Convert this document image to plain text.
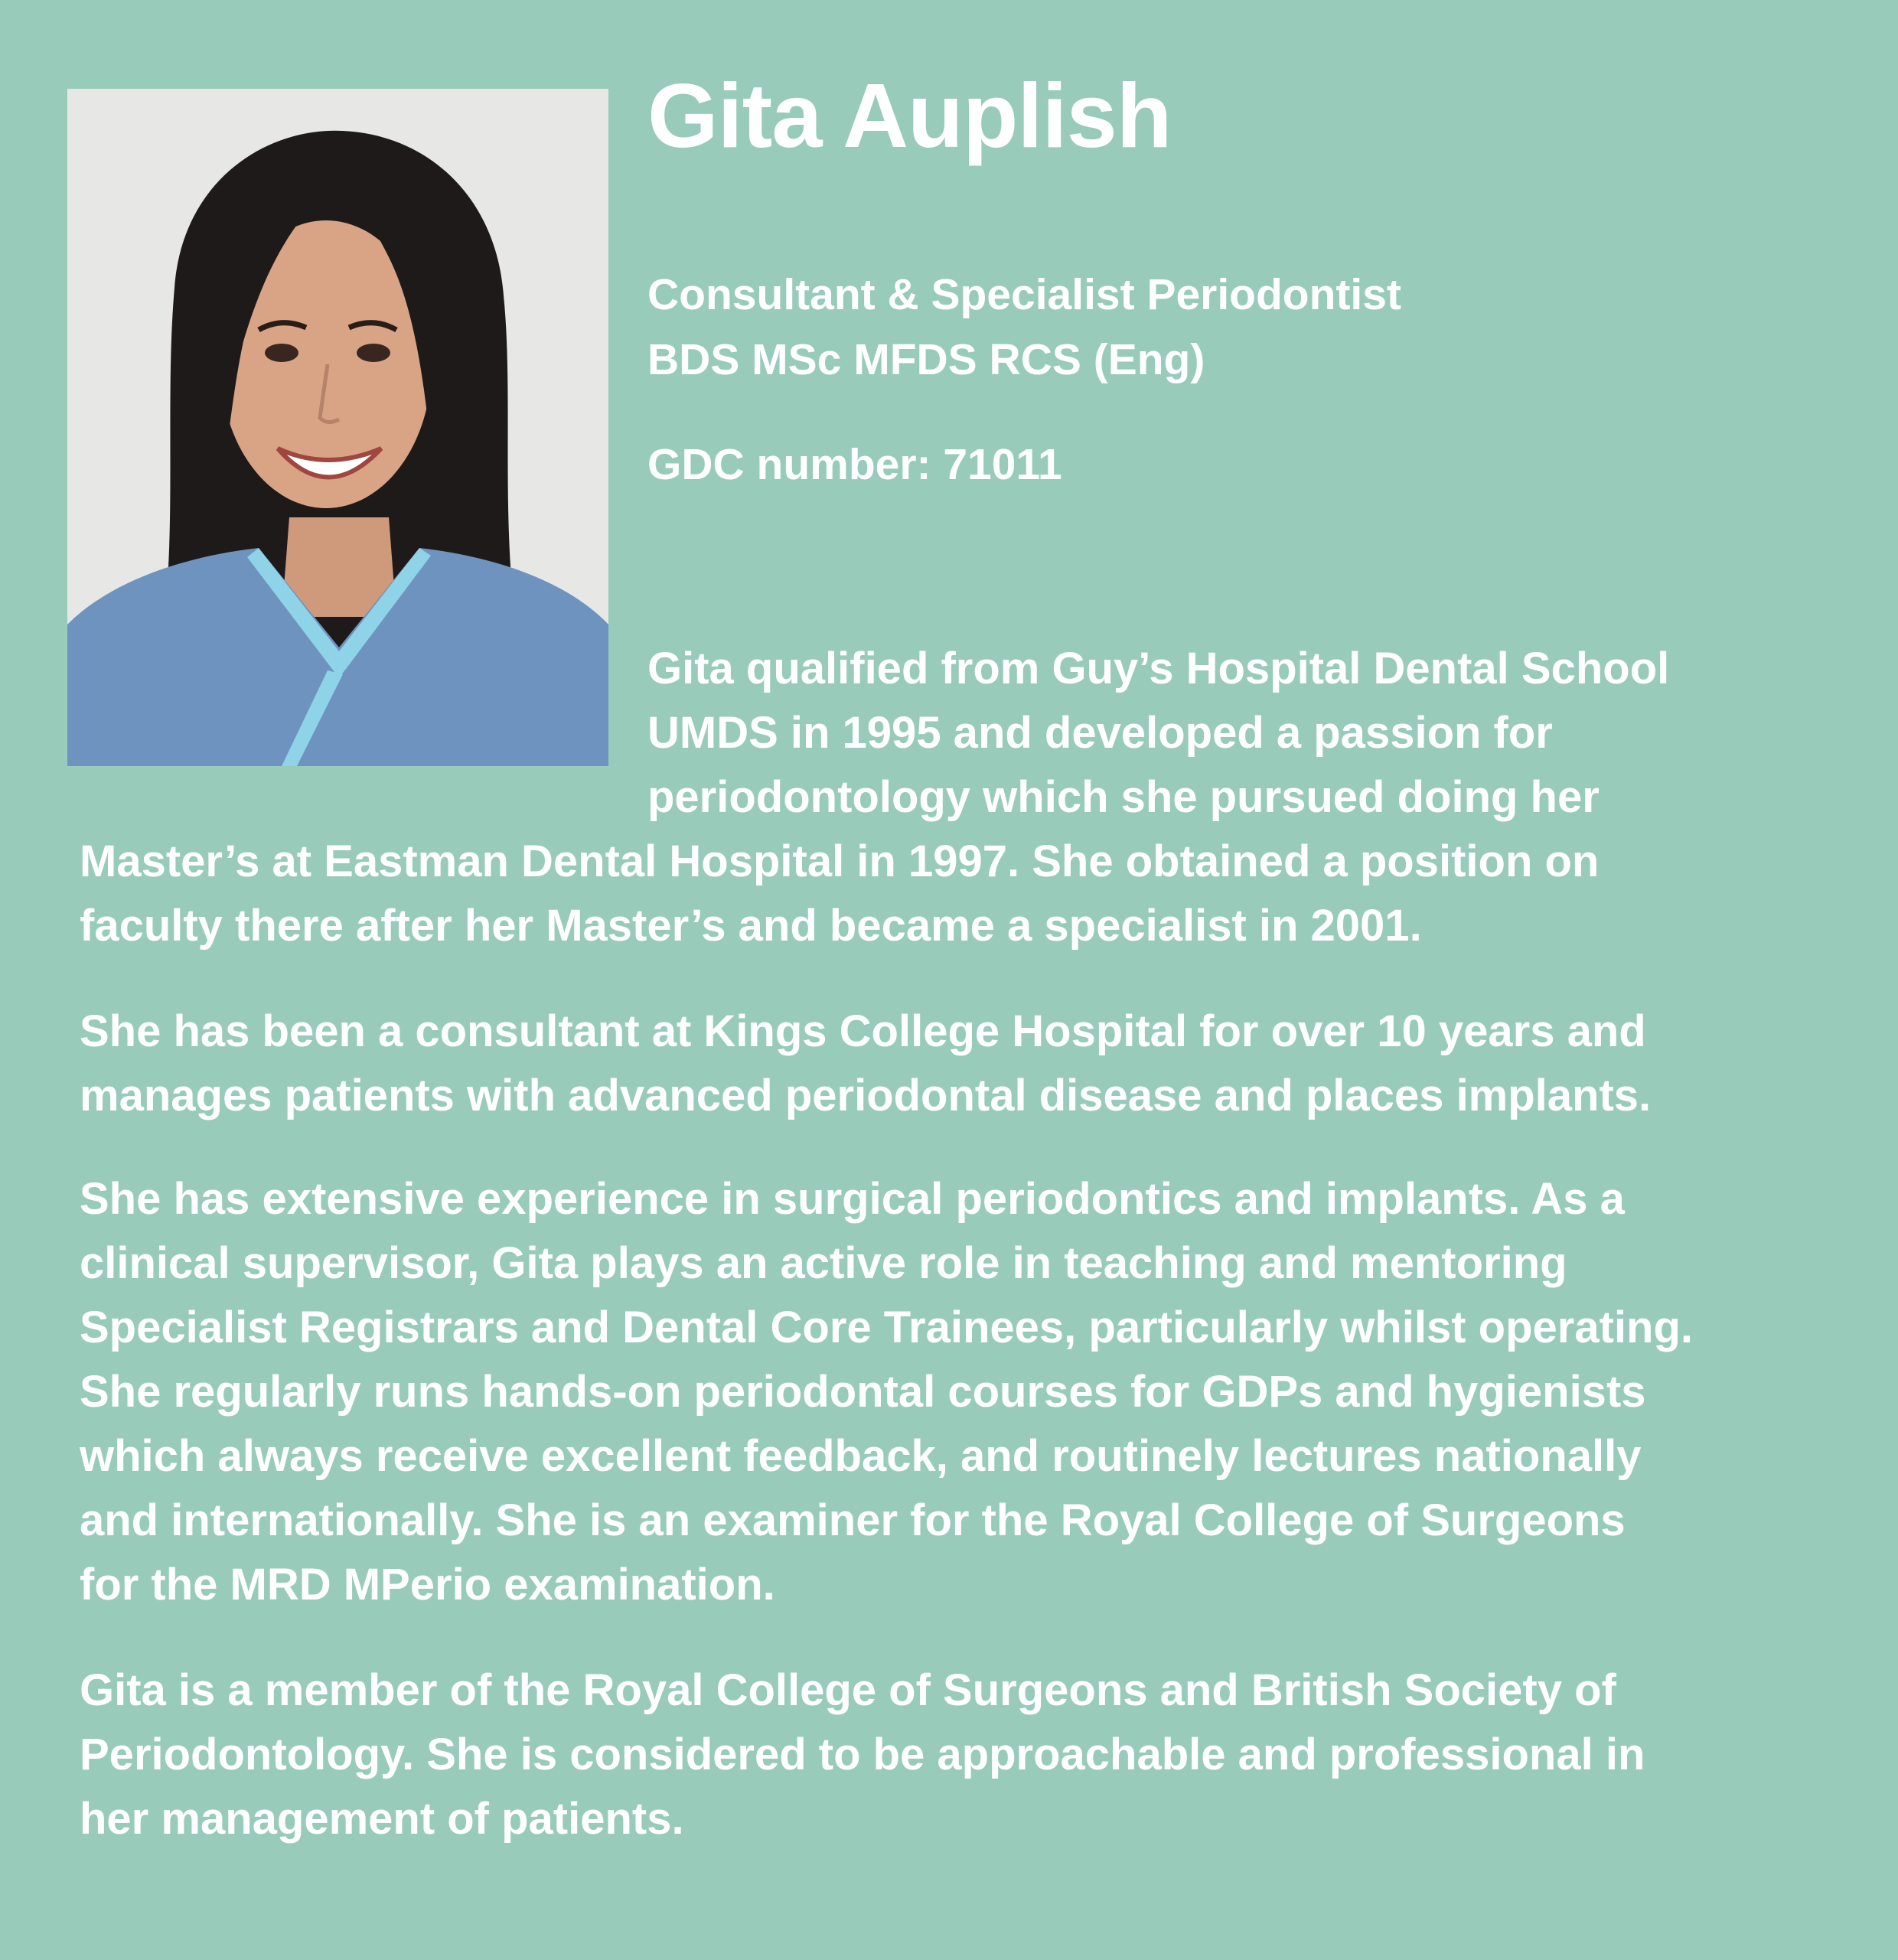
Gita Auplish

Consultant & Specialist Periodontist

BDS MSc MFDS RCS (Eng)

GDC number: 71011

Gita qualified from Guy’s Hospital Dental School

UMDS in 1995 and developed a passion for

periodontology which she pursued doing her

Master’s at Eastman Dental Hospital in 1997. She obtained a position on

faculty there after her Master’s and became a specialist in 2001.

She has been a consultant at Kings College Hospital for over 10 years and

manages patients with advanced periodontal disease and places implants.

She has extensive experience in surgical periodontics and implants. As a

clinical supervisor, Gita plays an active role in teaching and mentoring

Specialist Registrars and Dental Core Trainees, particularly whilst operating.

She regularly runs hands-on periodontal courses for GDPs and hygienists

which always receive excellent feedback, and routinely lectures nationally

and internationally. She is an examiner for the Royal College of Surgeons

for the MRD MPerio examination.

Gita is a member of the Royal College of Surgeons and British Society of

Periodontology. She is considered to be approachable and professional in

her management of patients.
